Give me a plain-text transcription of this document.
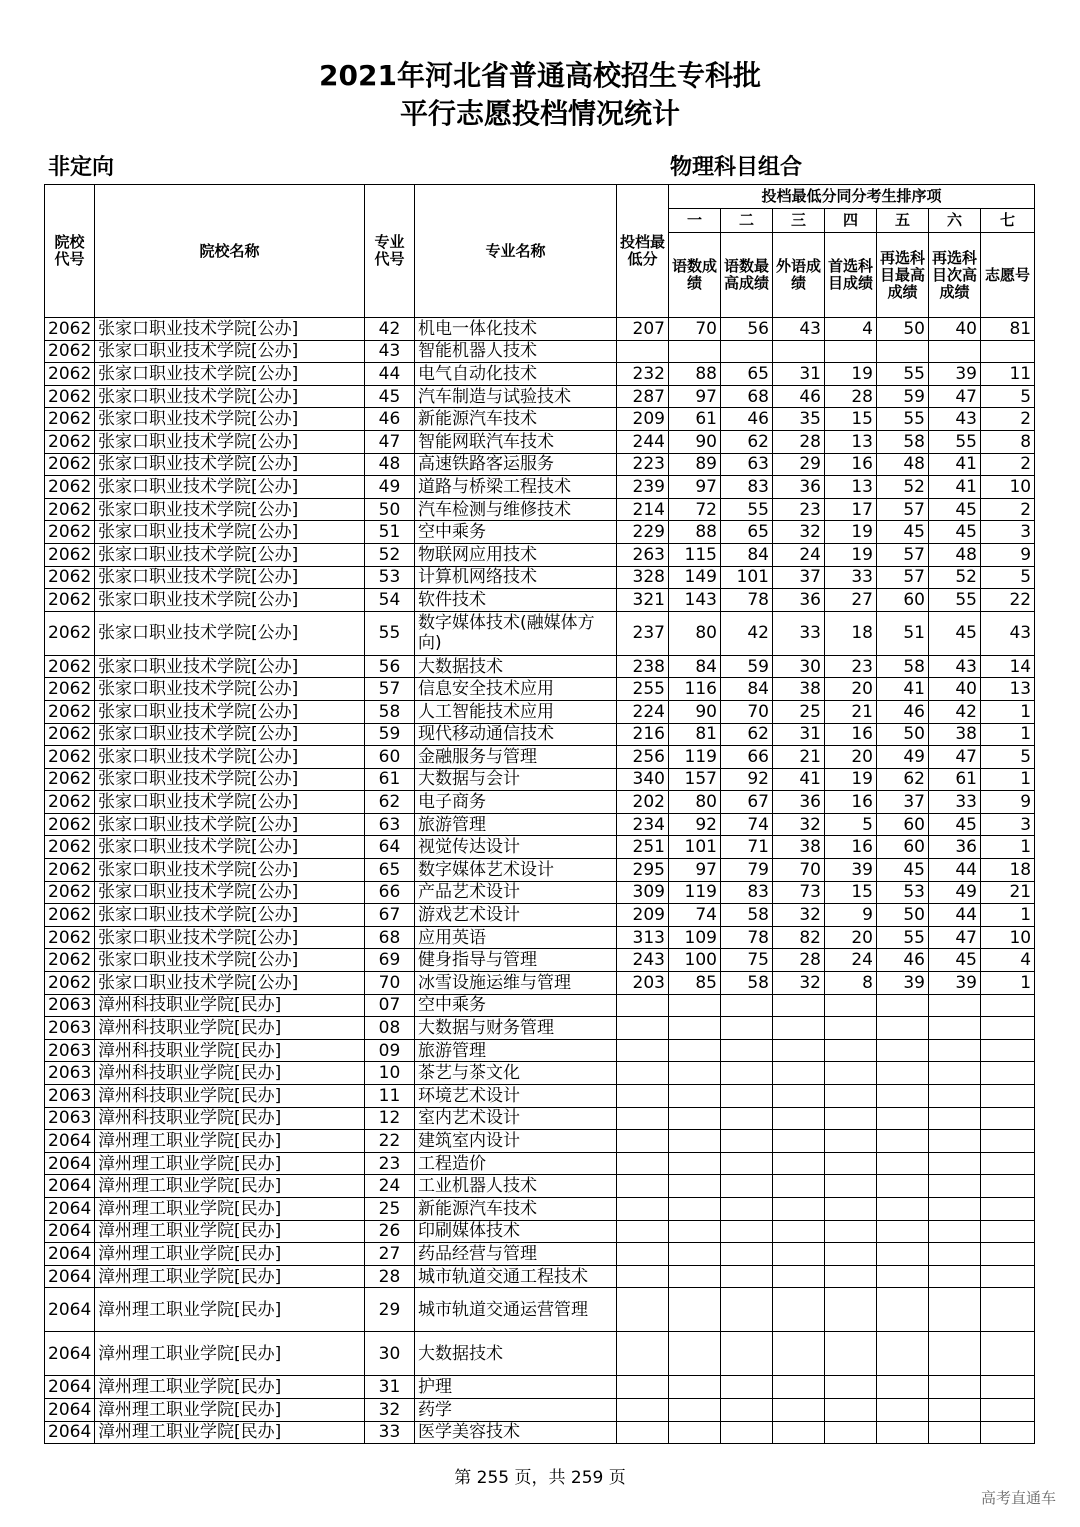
2021年河北省普通高校招生专科批
平行志愿投档情况统计
非定向	物理科目组合
院校代号	院校名称	专业代号	专业名称	投档最低分	投档最低分同分考生排序项						
					一	二	三	四	五	六	七
					语数成绩	语数最高成绩	外语成绩	首选科目成绩	再选科目最高成绩	再选科目次高成绩	志愿号
2062	张家口职业技术学院[公办]	42	机电一体化技术	207	70	56	43	4	50	40	81
2062	张家口职业技术学院[公办]	43	智能机器人技术								
2062	张家口职业技术学院[公办]	44	电气自动化技术	232	88	65	31	19	55	39	11
2062	张家口职业技术学院[公办]	45	汽车制造与试验技术	287	97	68	46	28	59	47	5
2062	张家口职业技术学院[公办]	46	新能源汽车技术	209	61	46	35	15	55	43	2
2062	张家口职业技术学院[公办]	47	智能网联汽车技术	244	90	62	28	13	58	55	8
2062	张家口职业技术学院[公办]	48	高速铁路客运服务	223	89	63	29	16	48	41	2
2062	张家口职业技术学院[公办]	49	道路与桥梁工程技术	239	97	83	36	13	52	41	10
2062	张家口职业技术学院[公办]	50	汽车检测与维修技术	214	72	55	23	17	57	45	2
2062	张家口职业技术学院[公办]	51	空中乘务	229	88	65	32	19	45	45	3
2062	张家口职业技术学院[公办]	52	物联网应用技术	263	115	84	24	19	57	48	9
2062	张家口职业技术学院[公办]	53	计算机网络技术	328	149	101	37	33	57	52	5
2062	张家口职业技术学院[公办]	54	软件技术	321	143	78	36	27	60	55	22
2062	张家口职业技术学院[公办]	55	数字媒体技术(融媒体方向)	237	80	42	33	18	51	45	43
2062	张家口职业技术学院[公办]	56	大数据技术	238	84	59	30	23	58	43	14
2062	张家口职业技术学院[公办]	57	信息安全技术应用	255	116	84	38	20	41	40	13
2062	张家口职业技术学院[公办]	58	人工智能技术应用	224	90	70	25	21	46	42	1
2062	张家口职业技术学院[公办]	59	现代移动通信技术	216	81	62	31	16	50	38	1
2062	张家口职业技术学院[公办]	60	金融服务与管理	256	119	66	21	20	49	47	5
2062	张家口职业技术学院[公办]	61	大数据与会计	340	157	92	41	19	62	61	1
2062	张家口职业技术学院[公办]	62	电子商务	202	80	67	36	16	37	33	9
2062	张家口职业技术学院[公办]	63	旅游管理	234	92	74	32	5	60	45	3
2062	张家口职业技术学院[公办]	64	视觉传达设计	251	101	71	38	16	60	36	1
2062	张家口职业技术学院[公办]	65	数字媒体艺术设计	295	97	79	70	39	45	44	18
2062	张家口职业技术学院[公办]	66	产品艺术设计	309	119	83	73	15	53	49	21
2062	张家口职业技术学院[公办]	67	游戏艺术设计	209	74	58	32	9	50	44	1
2062	张家口职业技术学院[公办]	68	应用英语	313	109	78	82	20	55	47	10
2062	张家口职业技术学院[公办]	69	健身指导与管理	243	100	75	28	24	46	45	4
2062	张家口职业技术学院[公办]	70	冰雪设施运维与管理	203	85	58	32	8	39	39	1
2063	漳州科技职业学院[民办]	07	空中乘务								
2063	漳州科技职业学院[民办]	08	大数据与财务管理								
2063	漳州科技职业学院[民办]	09	旅游管理								
2063	漳州科技职业学院[民办]	10	茶艺与茶文化								
2063	漳州科技职业学院[民办]	11	环境艺术设计								
2063	漳州科技职业学院[民办]	12	室内艺术设计								
2064	漳州理工职业学院[民办]	22	建筑室内设计								
2064	漳州理工职业学院[民办]	23	工程造价								
2064	漳州理工职业学院[民办]	24	工业机器人技术								
2064	漳州理工职业学院[民办]	25	新能源汽车技术								
2064	漳州理工职业学院[民办]	26	印刷媒体技术								
2064	漳州理工职业学院[民办]	27	药品经营与管理								
2064	漳州理工职业学院[民办]	28	城市轨道交通工程技术								
2064	漳州理工职业学院[民办]	29	城市轨道交通运营管理								
2064	漳州理工职业学院[民办]	30	大数据技术								
2064	漳州理工职业学院[民办]	31	护理								
2064	漳州理工职业学院[民办]	32	药学								
2064	漳州理工职业学院[民办]	33	医学美容技术								
第 255 页，共 259 页
高考直通车
